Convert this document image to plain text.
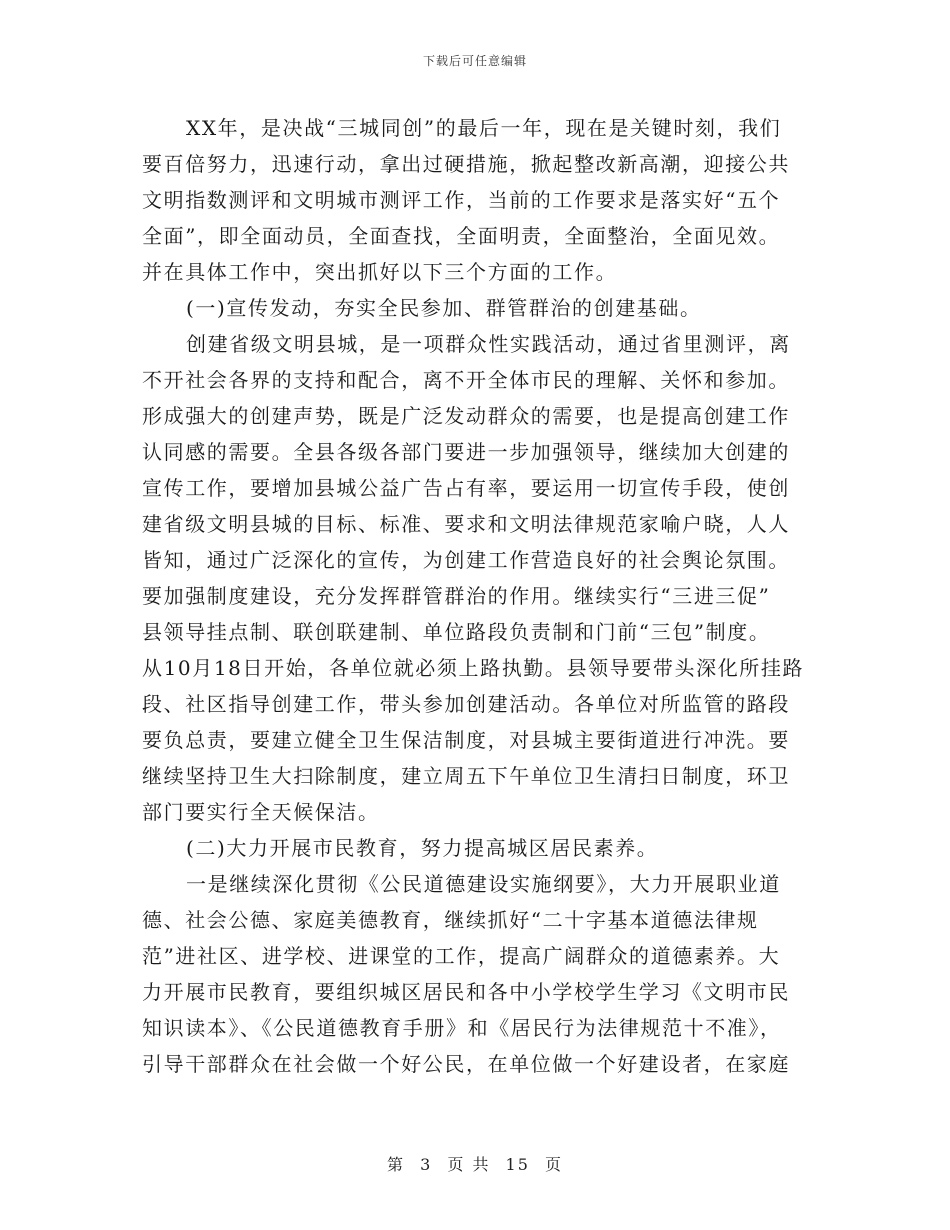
下载后可任意编辑
XX年，是决战“三城同创”的最后一年，现在是关键时刻，我们
要百倍努力，迅速行动，拿出过硬措施，掀起整改新高潮，迎接公共
文明指数测评和文明城市测评工作，当前的工作要求是落实好“五个
全面”，即全面动员，全面查找，全面明责，全面整治，全面见效。
并在具体工作中，突出抓好以下三个方面的工作。
(一)宣传发动，夯实全民参加、群管群治的创建基础。
创建省级文明县城，是一项群众性实践活动，通过省里测评，离
不开社会各界的支持和配合，离不开全体市民的理解、关怀和参加。
形成强大的创建声势，既是广泛发动群众的需要，也是提高创建工作
认同感的需要。全县各级各部门要进一步加强领导，继续加大创建的
宣传工作，要增加县城公益广告占有率，要运用一切宣传手段，使创
建省级文明县城的目标、标准、要求和文明法律规范家喻户晓，人人
皆知，通过广泛深化的宣传，为创建工作营造良好的社会舆论氛围。
要加强制度建设，充分发挥群管群治的作用。继续实行“三进三促”
县领导挂点制、联创联建制、单位路段负责制和门前“三包”制度。
从10月18日开始，各单位就必须上路执勤。县领导要带头深化所挂路
段、社区指导创建工作，带头参加创建活动。各单位对所监管的路段
要负总责，要建立健全卫生保洁制度，对县城主要街道进行冲洗。要
继续坚持卫生大扫除制度，建立周五下午单位卫生清扫日制度，环卫
部门要实行全天候保洁。
(二)大力开展市民教育，努力提高城区居民素养。
一是继续深化贯彻《公民道德建设实施纲要》，大力开展职业道
德、社会公德、家庭美德教育，继续抓好“二十字基本道德法律规
范”进社区、进学校、进课堂的工作，提高广阔群众的道德素养。大
力开展市民教育，要组织城区居民和各中小学校学生学习《文明市民
知识读本》、《公民道德教育手册》和《居民行为法律规范十不准》，
引导干部群众在社会做一个好公民，在单位做一个好建设者，在家庭
第 3 页 共 15 页
